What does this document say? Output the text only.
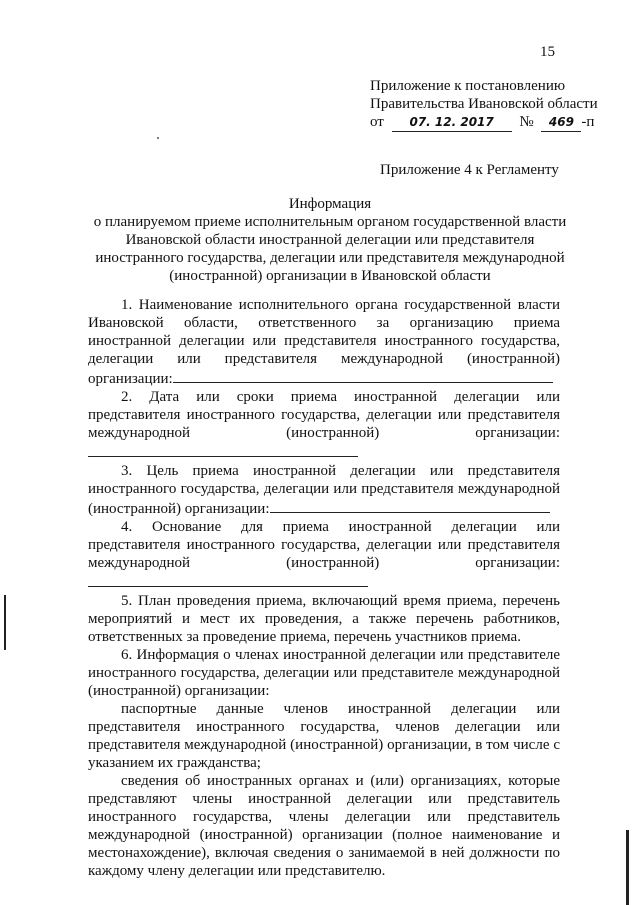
15
Приложение к постановлению
Правительства Ивановской области
от 07. 12. 2017 № 469 -п
Приложение 4 к Регламенту
Информация
о планируемом приеме исполнительным органом государственной власти
Ивановской области иностранной делегации или представителя
иностранного государства, делегации или представителя международной
(иностранной) организации в Ивановской области

1. Наименование исполнительного органа государственной власти Ивановской области, ответственного за организацию приема иностранной делегации или представителя иностранного государства, делегации или представителя международной (иностранной) организации:

2. Дата или сроки приема иностранной делегации или представителя иностранного государства, делегации или представителя международной (иностранной) организации:

3. Цель приема иностранной делегации или представителя иностранного государства, делегации или представителя международной (иностранной) организации:

4. Основание для приема иностранной делегации или представителя иностранного государства, делегации или представителя международной (иностранной) организации:

5. План проведения приема, включающий время приема, перечень мероприятий и мест их проведения, а также перечень работников, ответственных за проведение приема, перечень участников приема.

6. Информация о членах иностранной делегации или представителе иностранного государства, делегации или представителе международной (иностранной) организации:

паспортные данные членов иностранной делегации или представителя иностранного государства, членов делегации или представителя международной (иностранной) организации, в том числе с указанием их гражданства;

сведения об иностранных органах и (или) организациях, которые представляют члены иностранной делегации или представитель иностранного государства, члены делегации или представитель международной (иностранной) организации (полное наименование и местонахождение), включая сведения о занимаемой в ней должности по каждому члену делегации или представителю.
